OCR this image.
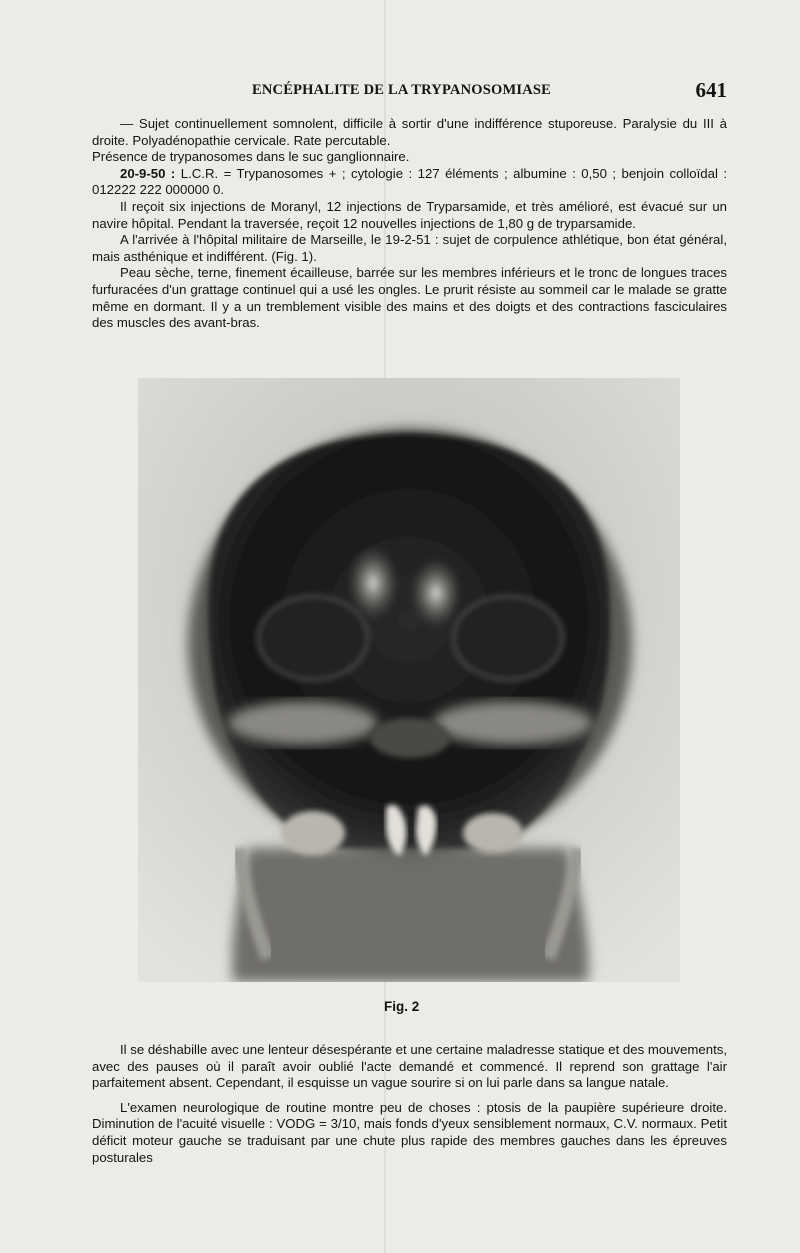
ENCÉPHALITE DE LA TRYPANOSOMIASE	641

— Sujet continuellement somnolent, difficile à sortir d'une indifférence stuporeuse. Paralysie du III à droite. Polyadénopathie cervicale. Rate percutable.

Présence de trypanosomes dans le suc ganglionnaire.

20-9-50 : L.C.R. = Trypanosomes + ; cytologie : 127 éléments ; albumine : 0,50 ; benjoin colloïdal : 012222 222 000000 0.

Il reçoit six injections de Moranyl, 12 injections de Tryparsamide, et très amélioré, est évacué sur un navire hôpital. Pendant la traversée, reçoit 12 nouvelles injections de 1,80 g de tryparsamide.

A l'arrivée à l'hôpital militaire de Marseille, le 19-2-51 : sujet de corpulence athlétique, bon état général, mais asthénique et indifférent. (Fig. 1).

Peau sèche, terne, finement écailleuse, barrée sur les membres inférieurs et le tronc de longues traces furfuracées d'un grattage continuel qui a usé les ongles. Le prurit résiste au sommeil car le malade se gratte même en dormant. Il y a un tremblement visible des mains et des doigts et des contractions fasciculaires des muscles des avant-bras.

Fig. 2

Il se déshabille avec une lenteur désespérante et une certaine maladresse statique et des mouvements, avec des pauses où il paraît avoir oublié l'acte demandé et commencé. Il reprend son grattage l'air parfaitement absent. Cependant, il esquisse un vague sourire si on lui parle dans sa langue natale.

L'examen neurologique de routine montre peu de choses : ptosis de la paupière supérieure droite. Diminution de l'acuité visuelle : VODG = 3/10, mais fonds d'yeux sensiblement normaux, C.V. normaux. Petit déficit moteur gauche se traduisant par une chute plus rapide des membres gauches dans les épreuves posturales
